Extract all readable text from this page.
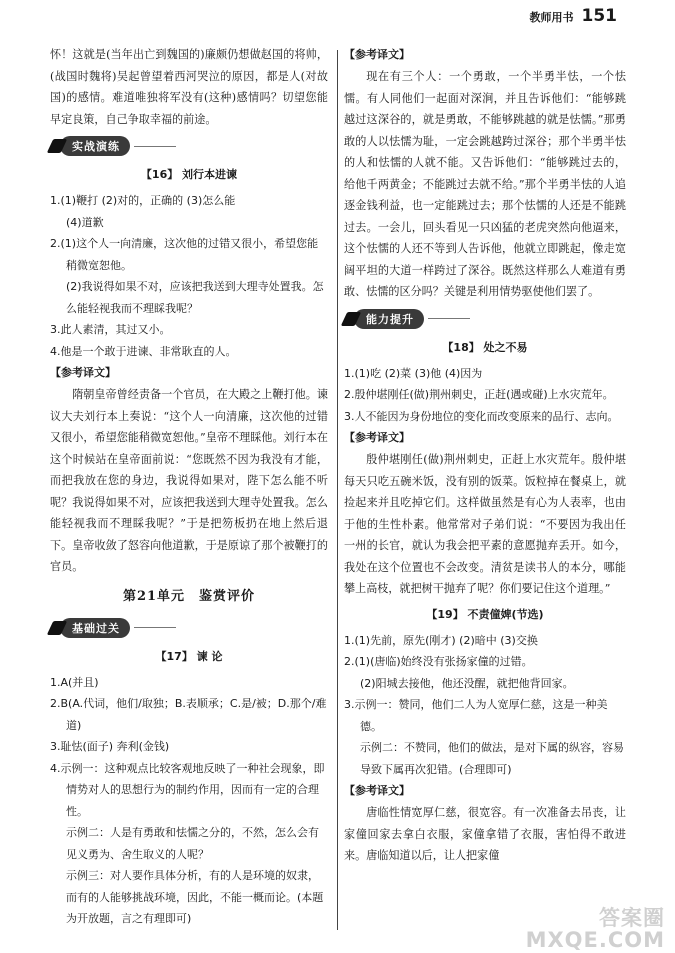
教师用书 151

怀！这就是(当年出亡到魏国的)廉颇仍想做赵国的将帅，(战国时魏将)吴起曾望着西河哭泣的原因，都是人(对故国)的感情。难道唯独将军没有(这种)感情吗？切望您能早定良策，自己争取幸福的前途。

实战演练
【16】 刘行本进谏

1.(1)鞭打 (2)对的，正确的 (3)怎么能

(4)道歉

2.(1)这个人一向清廉，这次他的过错又很小，希望您能稍微宽恕他。

(2)我说得如果不对，应该把我送到大理寺处置我。怎么能轻视我而不理睬我呢？

3.此人素清，其过又小。

4.他是一个敢于进谏、非常耿直的人。

【参考译文】

隋朝皇帝曾经责备一个官员，在大殿之上鞭打他。谏议大夫刘行本上奏说：“这个人一向清廉，这次他的过错又很小，希望您能稍微宽恕他。”皇帝不理睬他。刘行本在这个时候站在皇帝面前说：“您既然不因为我没有才能，而把我放在您的身边，我说得如果对，陛下怎么能不听呢？我说得如果不对，应该把我送到大理寺处置我。怎么能轻视我而不理睬我呢？”于是把笏板扔在地上然后退下。皇帝收敛了怒容向他道歉，于是原谅了那个被鞭打的官员。

第21单元　鉴赏评价
基础过关
【17】 谏 论

1.A(并且)

2.B(A.代词，他们/取独；B.表顺承；C.是/被；D.那个/难道)

3.耻怯(面子) 奔利(金钱)

4.示例一：这种观点比较客观地反映了一种社会现象，即情势对人的思想行为的制约作用，因而有一定的合理性。

示例二：人是有勇敢和怯懦之分的，不然，怎么会有见义勇为、舍生取义的人呢？

示例三：对人要作具体分析，有的人是环境的奴隶，而有的人能够挑战环境，因此，不能一概而论。(本题为开放题，言之有理即可)

【参考译文】

现在有三个人：一个勇敢，一个半勇半怯，一个怯懦。有人同他们一起面对深涧，并且告诉他们：“能够跳越过这深谷的，就是勇敢，不能够跳越的就是怯懦。”那勇敢的人以怯懦为耻，一定会跳越跨过深谷；那个半勇半怯的人和怯懦的人就不能。又告诉他们：“能够跳过去的，给他千两黄金；不能跳过去就不给。”那个半勇半怯的人追逐金钱利益，也一定能跳过去；那个怯懦的人还是不能跳过去。一会儿，回头看见一只凶猛的老虎突然向他逼来，这个怯懦的人还不等到人告诉他，他就立即跳起，像走宽阔平坦的大道一样跨过了深谷。既然这样那么人难道有勇敢、怯懦的区分吗？关键是利用情势驱使他们罢了。

能力提升
【18】 处之不易

1.(1)吃 (2)菜 (3)他 (4)因为

2.殷仲堪刚任(做)荆州刺史，正赶(遇或碰)上水灾荒年。

3.人不能因为身份地位的变化而改变原来的品行、志向。

【参考译文】

殷仲堪刚任(做)荆州刺史，正赶上水灾荒年。殷仲堪每天只吃五碗米饭，没有别的饭菜。饭粒掉在餐桌上，就捡起来并且吃掉它们。这样做虽然是有心为人表率，也由于他的生性朴素。他常常对子弟们说：“不要因为我出任一州的长官，就认为我会把平素的意愿抛弃丢开。如今，我处在这个位置也不会改变。清贫是读书人的本分，哪能攀上高枝，就把树干抛弃了呢？你们要记住这个道理。”

【19】 不责僮婢(节选)

1.(1)先前，原先(刚才) (2)暗中 (3)交换

2.(1)(唐临)始终没有张扬家僮的过错。

(2)阳城去接他，他还没醒，就把他背回家。

3.示例一：赞同，他们二人为人宽厚仁慈，这是一种美德。

示例二：不赞同，他们的做法，是对下属的纵容，容易导致下属再次犯错。(合理即可)

【参考译文】

唐临性情宽厚仁慈，很宽容。有一次准备去吊丧，让家僮回家去拿白衣服，家僮拿错了衣服，害怕得不敢进来。唐临知道以后，让人把家僮

答案圈
MXQE.COM
